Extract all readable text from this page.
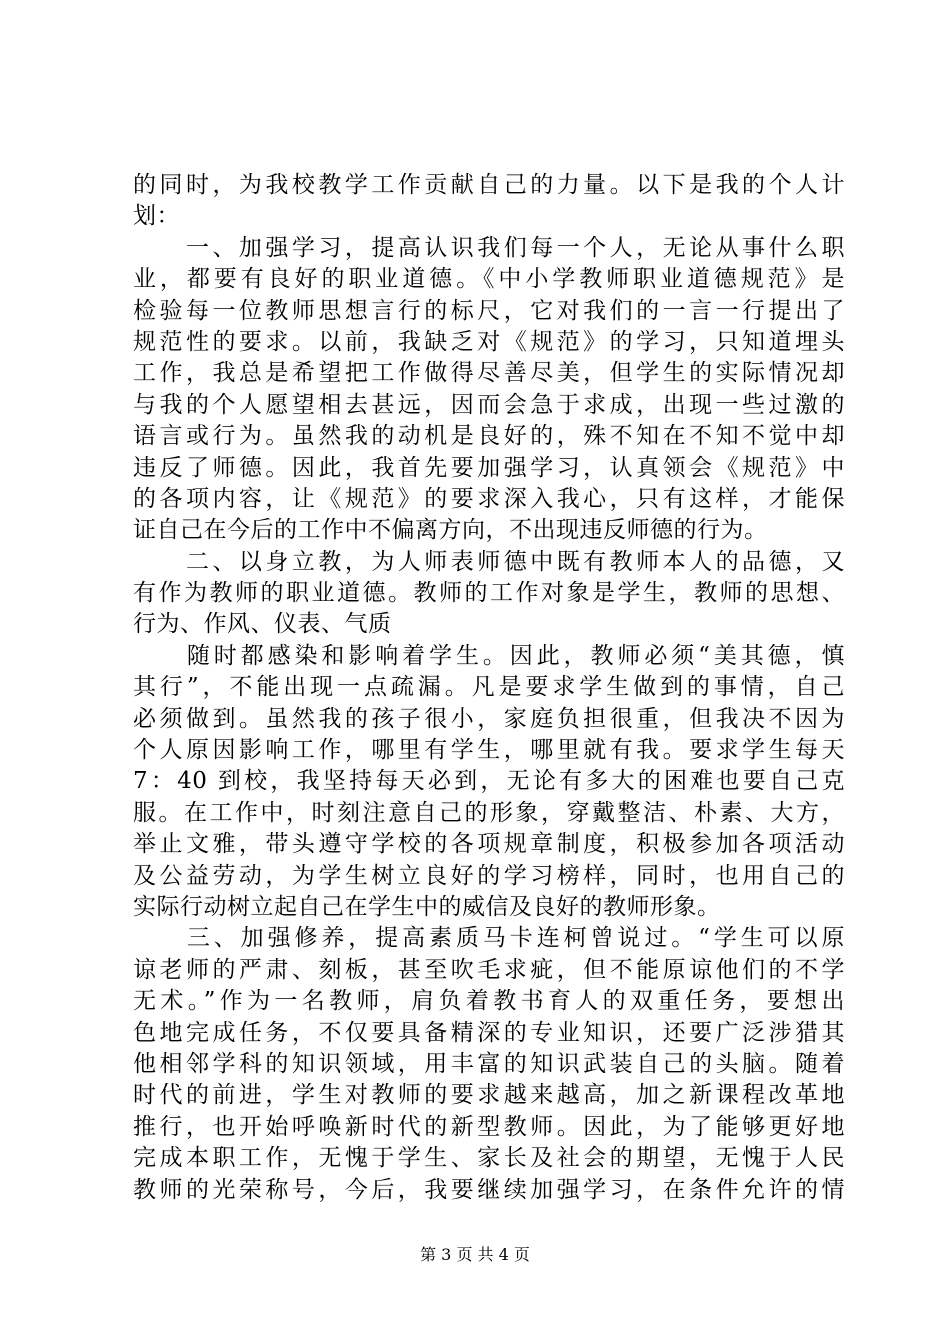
的同时，为我校教学工作贡献自己的力量。以下是我的个人计
划：
　　一、加强学习，提高认识我们每一个人，无论从事什么职
业，都要有良好的职业道德。《中小学教师职业道德规范》是
检验每一位教师思想言行的标尺，它对我们的一言一行提出了
规范性的要求。以前，我缺乏对《规范》的学习，只知道埋头
工作，我总是希望把工作做得尽善尽美，但学生的实际情况却
与我的个人愿望相去甚远，因而会急于求成，出现一些过激的
语言或行为。虽然我的动机是良好的，殊不知在不知不觉中却
违反了师德。因此，我首先要加强学习，认真领会《规范》中
的各项内容，让《规范》的要求深入我心，只有这样，才能保
证自己在今后的工作中不偏离方向，不出现违反师德的行为。
　　二、以身立教，为人师表师德中既有教师本人的品德，又
有作为教师的职业道德。教师的工作对象是学生，教师的思想、
行为、作风、仪表、气质
　　随时都感染和影响着学生。因此，教师必须“美其德，慎
其行”，不能出现一点疏漏。凡是要求学生做到的事情，自己
必须做到。虽然我的孩子很小，家庭负担很重，但我决不因为
个人原因影响工作，哪里有学生，哪里就有我。要求学生每天
7：40 到校，我坚持每天必到，无论有多大的困难也要自己克
服。在工作中，时刻注意自己的形象，穿戴整洁、朴素、大方，
举止文雅，带头遵守学校的各项规章制度，积极参加各项活动
及公益劳动，为学生树立良好的学习榜样，同时，也用自己的
实际行动树立起自己在学生中的威信及良好的教师形象。
　　三、加强修养，提高素质马卡连柯曾说过。“学生可以原
谅老师的严肃、刻板，甚至吹毛求疵，但不能原谅他们的不学
无术。”作为一名教师，肩负着教书育人的双重任务，要想出
色地完成任务，不仅要具备精深的专业知识，还要广泛涉猎其
他相邻学科的知识领域，用丰富的知识武装自己的头脑。随着
时代的前进，学生对教师的要求越来越高，加之新课程改革地
推行，也开始呼唤新时代的新型教师。因此，为了能够更好地
完成本职工作，无愧于学生、家长及社会的期望，无愧于人民
教师的光荣称号，今后，我要继续加强学习，在条件允许的情
第 3 页 共 4 页
